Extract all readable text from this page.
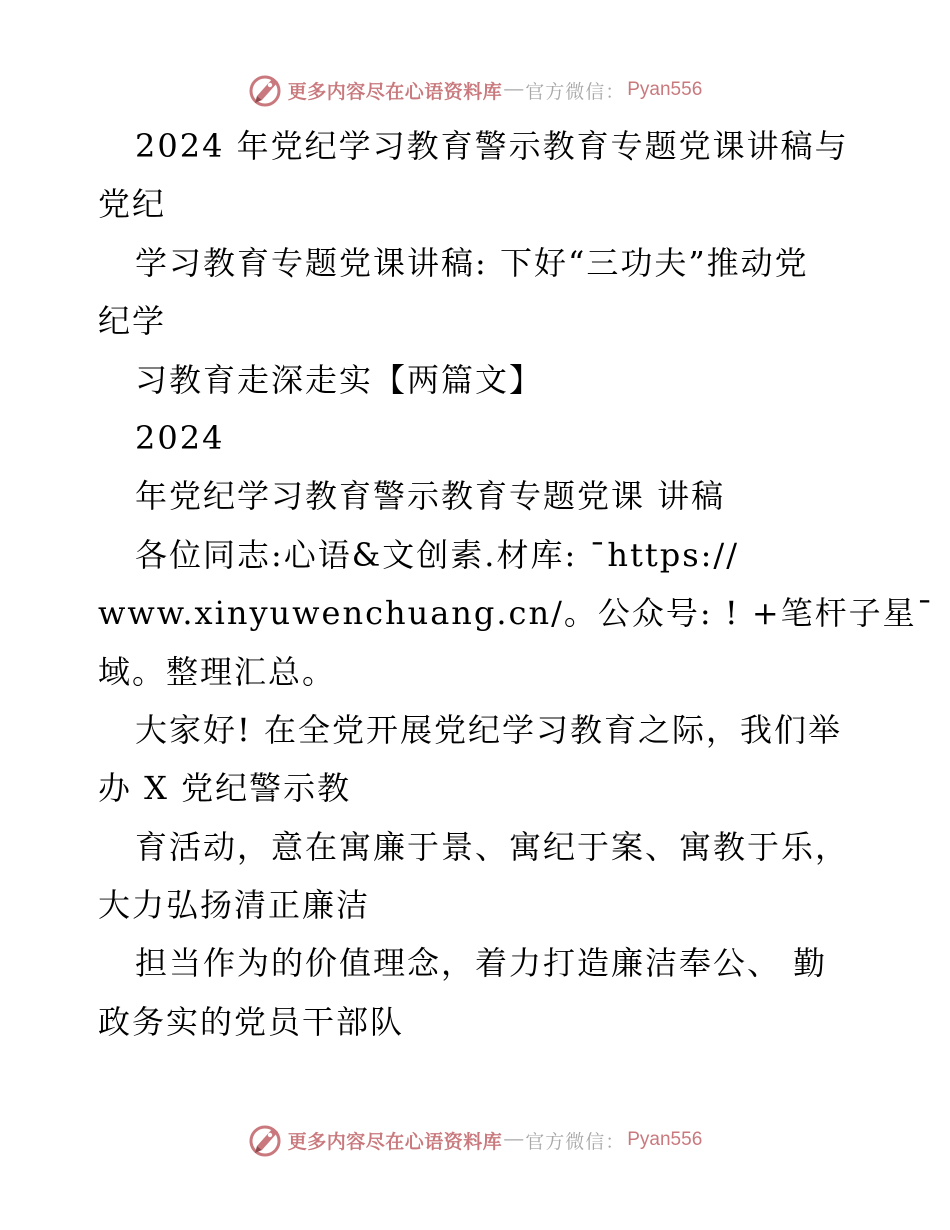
更多内容尽在心语资料库 — 官方微信： Pyan556
2024 年党纪学习教育警示教育专题党课讲稿与
党纪
学习教育专题党课讲稿: 下好“三功夫”推动党
纪学
习教育走深走实【两篇文】
2024
年党纪学习教育警示教育专题党课 讲稿
各位同志:心语&文创素.材库: ¯https://
www.xinyuwenchuang.cn/。公众号: ! +笔杆子星¯
域。整理汇总。
大家好! 在全党开展党纪学习教育之际，我们举
办 X 党纪警示教
育活动，意在寓廉于景、寓纪于案、寓教于乐，
大力弘扬清正廉洁
担当作为的价值理念，着力打造廉洁奉公、 勤
政务实的党员干部队
更多内容尽在心语资料库 — 官方微信： Pyan556
